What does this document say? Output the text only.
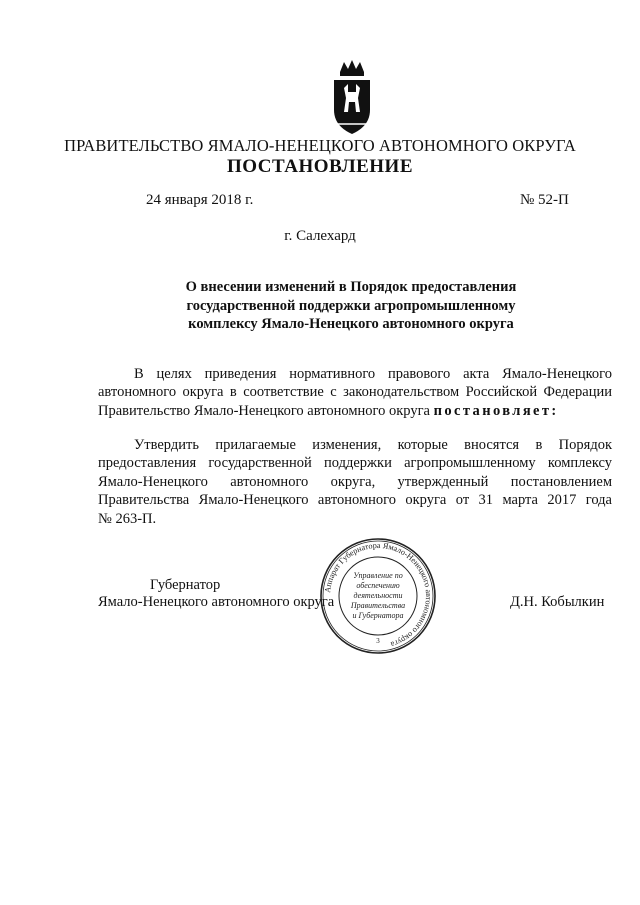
ПРАВИТЕЛЬСТВО ЯМАЛО-НЕНЕЦКОГО АВТОНОМНОГО ОКРУГА
ПОСТАНОВЛЕНИЕ
24 января 2018 г.	№ 52-П
г. Салехард
О внесении изменений в Порядок предоставления
государственной поддержки агропромышленному
комплексу Ямало-Ненецкого автономного округа
В целях приведения нормативного правового акта Ямало-Ненецкого
автономного округа в соответствие с законодательством Российской Федерации
Правительство Ямало-Ненецкого автономного округа постановляет:
Утвердить прилагаемые изменения, которые вносятся в Порядок
предоставления государственной поддержки агропромышленному комплексу
Ямало-Ненецкого автономного округа, утвержденный постановлением
Правительства Ямало-Ненецкого автономного округа от 31 марта 2017 года
№ 263-П.
Губернатор
Ямало-Ненецкого автономного округа	Д.Н. Кобылкин
Аппарат Губернатора Ямало-Ненецкого автономного округа
3
Управление по
обеспечению
деятельности
Правительства
и Губернатора
